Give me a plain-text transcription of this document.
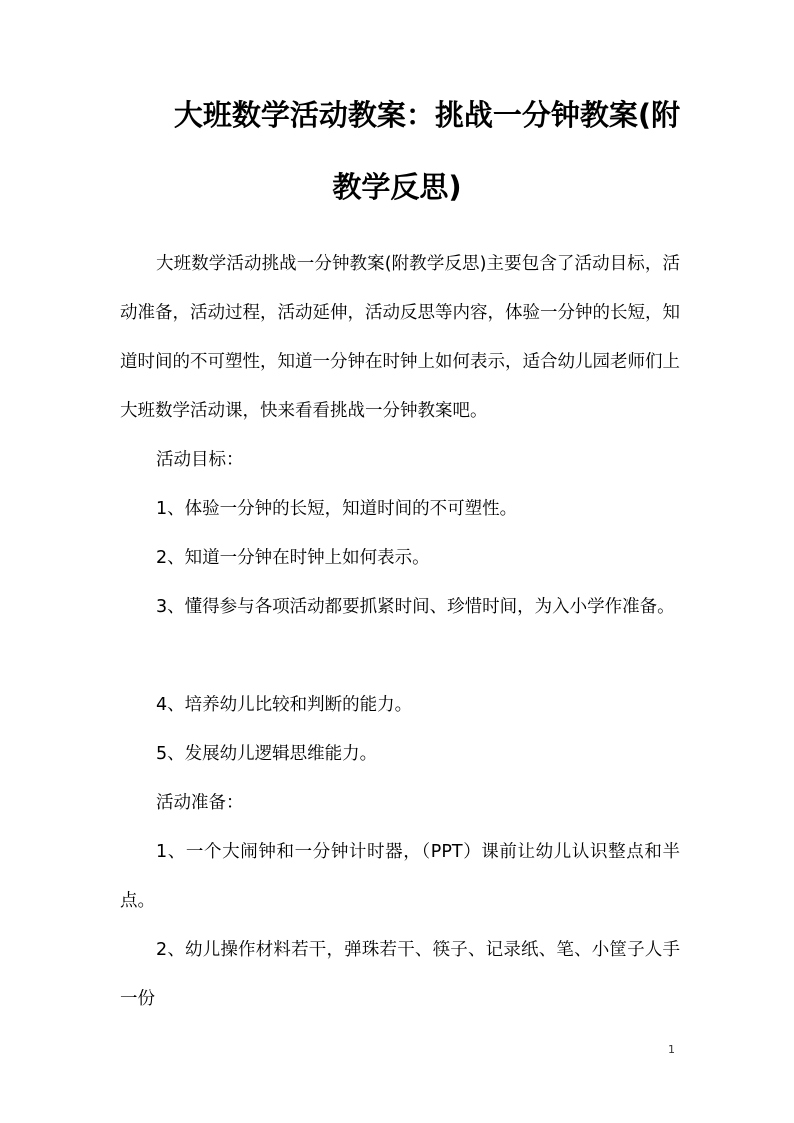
大班数学活动教案：挑战一分钟教案(附
教学反思)

大班数学活动挑战一分钟教案(附教学反思)主要包含了活动目标，活动准备，活动过程，活动延伸，活动反思等内容，体验一分钟的长短，知道时间的不可塑性，知道一分钟在时钟上如何表示，适合幼儿园老师们上大班数学活动课，快来看看挑战一分钟教案吧。

活动目标：

1、体验一分钟的长短，知道时间的不可塑性。

2、知道一分钟在时钟上如何表示。

3、懂得参与各项活动都要抓紧时间、珍惜时间，为入小学作准备。

4、培养幼儿比较和判断的能力。

5、发展幼儿逻辑思维能力。

活动准备：

1、一个大闹钟和一分钟计时器，（PPT）课前让幼儿认识整点和半点。

2、幼儿操作材料若干，弹珠若干、筷子、记录纸、笔、小筐子人手一份

1
